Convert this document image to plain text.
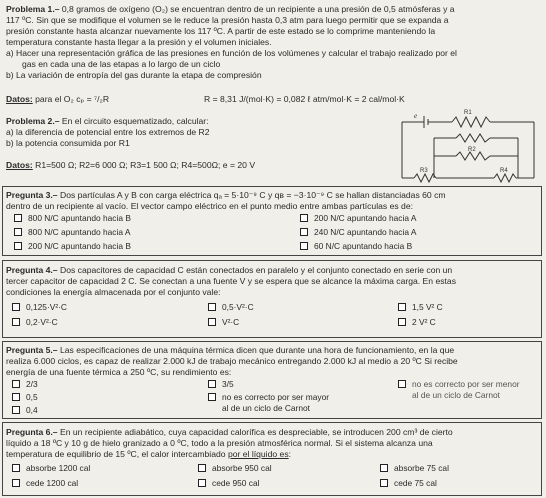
Problema 1.– 0,8 gramos de oxígeno (O₂) se encuentran dentro de un recipiente a una presión de 0,5 atmósferas y a
117 ºC. Sin que se modifique el volumen se le reduce la presión hasta 0,3 atm para luego permitir que se expanda a
presión constante hasta alcanzar nuevamente los 117 ºC. A partir de este estado se lo comprime manteniendo la
temperatura constante hasta llegar a la presión y el volumen iniciales.
a) Hacer una representación gráfica de las presiones en función de los volúmenes y calcular el trabajo realizado por el
gas en cada una de las etapas a lo largo de un ciclo
b) La variación de entropía del gas durante la etapa de compresión
Datos: para el O₂ cₚ = ⁷/₂R	R = 8,31 J/(mol·K) = 0,082 ℓ atm/mol·K = 2 cal/mol·K
Problema 2.– En el circuito esquematizado, calcular:
a) la diferencia de potencial entre los extremos de R2
b) la potencia consumida por R1
Datos: R1=500 Ω; R2=6 000 Ω; R3=1 500 Ω; R4=500Ω; e = 20 V
e	R1
R2
R3	R4
Pregunta 3.– Dos partículas A y B con carga eléctrica qₐ = 5·10⁻⁹ C y qʙ = −3·10⁻⁹ C se hallan distanciadas 60 cm
dentro de un recipiente al vacío. El vector campo eléctrico en el punto medio entre ambas partículas es de:
800 N/C apuntando hacia B	200 N/C apuntando hacia A
800 N/C apuntando hacia A	240 N/C apuntando hacia A
200 N/C apuntando hacia B	60 N/C apuntando hacia B
Pregunta 4.– Dos capacitores de capacidad C están conectados en paralelo y el conjunto conectado en serie con un
tercer capacitor de capacidad 2 C. Se conectan a una fuente V y se espera que se alcance la máxima carga. En estas
condiciones la energía almacenada por el conjunto vale:
0,125·V²·C	0,5·V²·C	1,5 V² C
0,2·V²·C	V²·C	2 V² C
Pregunta 5.– Las especificaciones de una máquina térmica dicen que durante una hora de funcionamiento, en la que
realiza 6.000 ciclos, es capaz de realizar 2.000 kJ de trabajo mecánico entregando 2.000 kJ al medio a 20 ºC Si recibe
energía de una fuente térmica a 250 ºC, su rendimiento es:
2/3	3/5	no es correcto por ser menor
al de un ciclo de Carnot
0,5	no es correcto por ser mayor
al de un ciclo de Carnot
0,4
Pregunta 6.– En un recipiente adiabático, cuya capacidad calorífica es despreciable, se introducen 200 cm³ de cierto
líquido a 18 ºC y 10 g de hielo granizado a 0 ºC, todo a la presión atmosférica normal. Si el sistema alcanza una
temperatura de equilibrio de 15 ºC, el calor intercambiado por el líquido es:
absorbe 1200 cal	absorbe 950 cal	absorbe 75 cal
cede 1200 cal	cede 950 cal	cede 75 cal
